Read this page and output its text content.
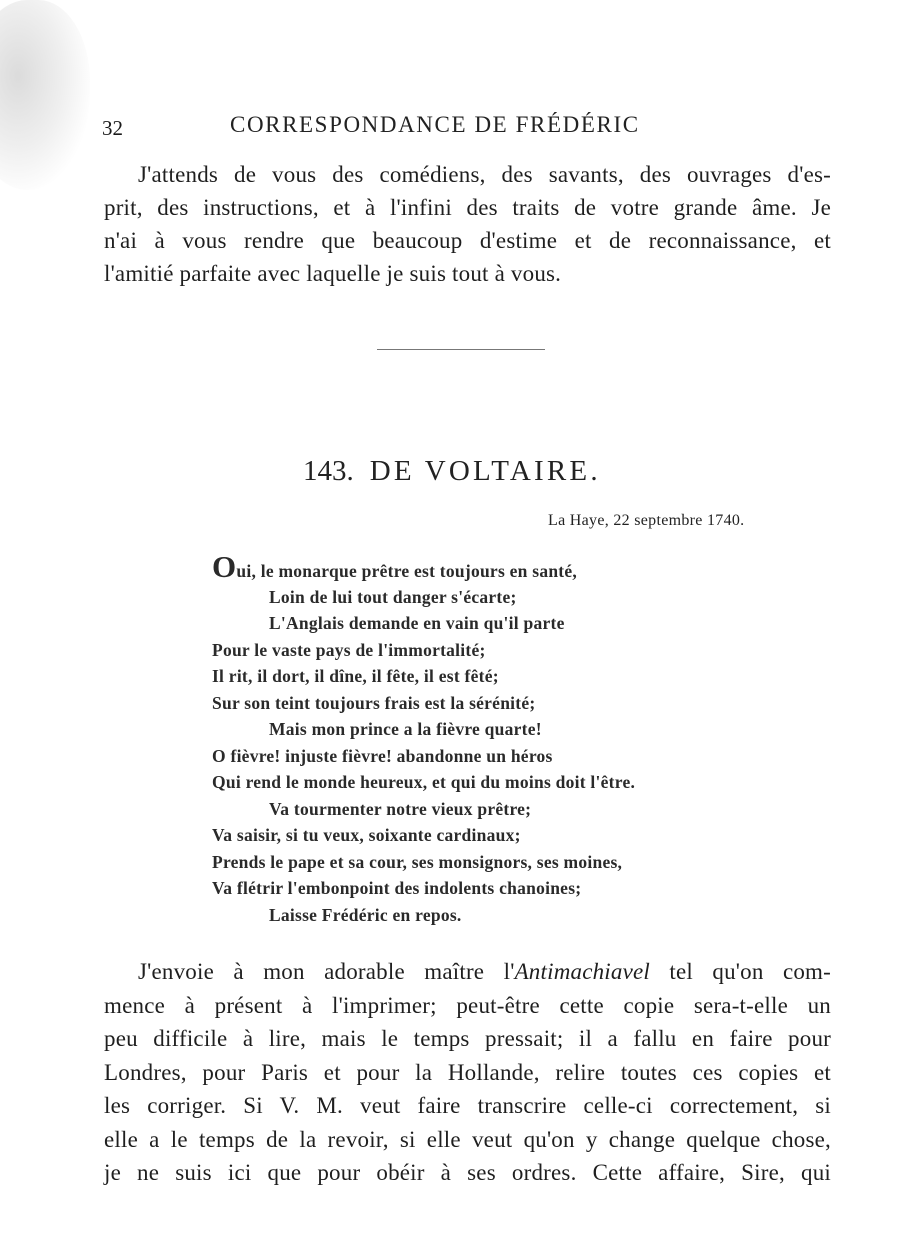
32	CORRESPONDANCE DE FRÉDÉRIC
J'attends de vous des comédiens, des savants, des ouvrages d'es-
prit, des instructions, et à l'infini des traits de votre grande âme. Je
n'ai à vous rendre que beaucoup d'estime et de reconnaissance, et
l'amitié parfaite avec laquelle je suis tout à vous.
143. DE VOLTAIRE.
La Haye, 22 septembre 1740.
Oui, le monarque prêtre est toujours en santé,
Loin de lui tout danger s'écarte;
L'Anglais demande en vain qu'il parte
Pour le vaste pays de l'immortalité;
Il rit, il dort, il dîne, il fête, il est fêté;
Sur son teint toujours frais est la sérénité;
Mais mon prince a la fièvre quarte!
O fièvre! injuste fièvre! abandonne un héros
Qui rend le monde heureux, et qui du moins doit l'être.
Va tourmenter notre vieux prêtre;
Va saisir, si tu veux, soixante cardinaux;
Prends le pape et sa cour, ses monsignors, ses moines,
Va flétrir l'embonpoint des indolents chanoines;
Laisse Frédéric en repos.
J'envoie à mon adorable maître l'Antimachiavel tel qu'on com-
mence à présent à l'imprimer; peut-être cette copie sera-t-elle un
peu difficile à lire, mais le temps pressait; il a fallu en faire pour
Londres, pour Paris et pour la Hollande, relire toutes ces copies et
les corriger. Si V. M. veut faire transcrire celle-ci correctement, si
elle a le temps de la revoir, si elle veut qu'on y change quelque chose,
je ne suis ici que pour obéir à ses ordres. Cette affaire, Sire, qui
